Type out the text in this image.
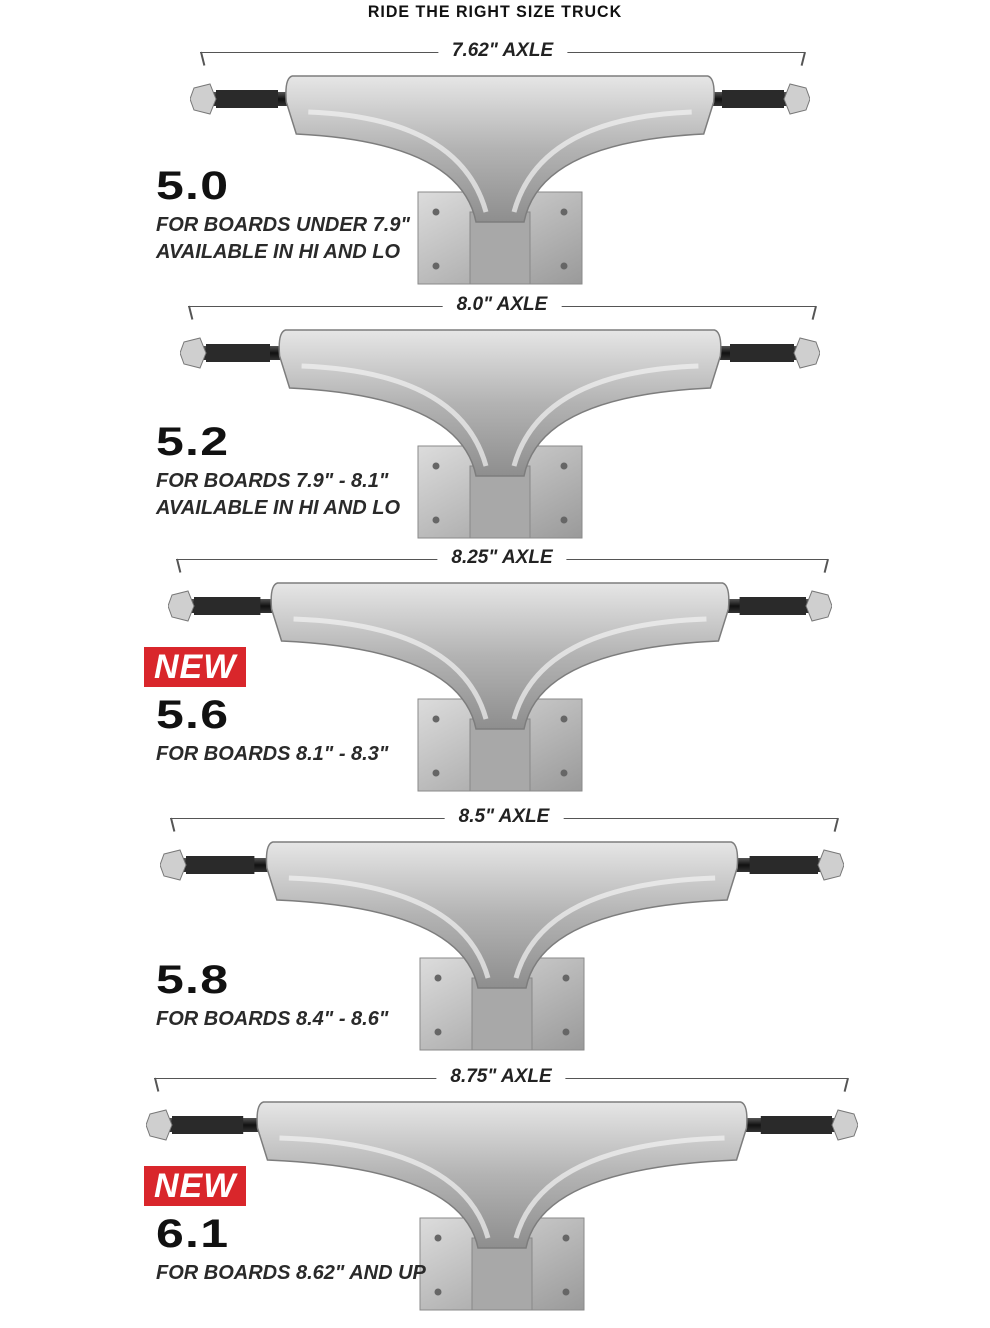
RIDE THE RIGHT SIZE TRUCK
7.62" AXLE
5.0
FOR BOARDS UNDER 7.9"
AVAILABLE IN HI AND LO
8.0" AXLE
5.2
FOR BOARDS 7.9" - 8.1"
AVAILABLE IN HI AND LO
8.25" AXLE
NEW
5.6
FOR BOARDS 8.1" - 8.3"
8.5" AXLE
5.8
FOR BOARDS 8.4" - 8.6"
8.75" AXLE
NEW
6.1
FOR BOARDS 8.62" AND UP
